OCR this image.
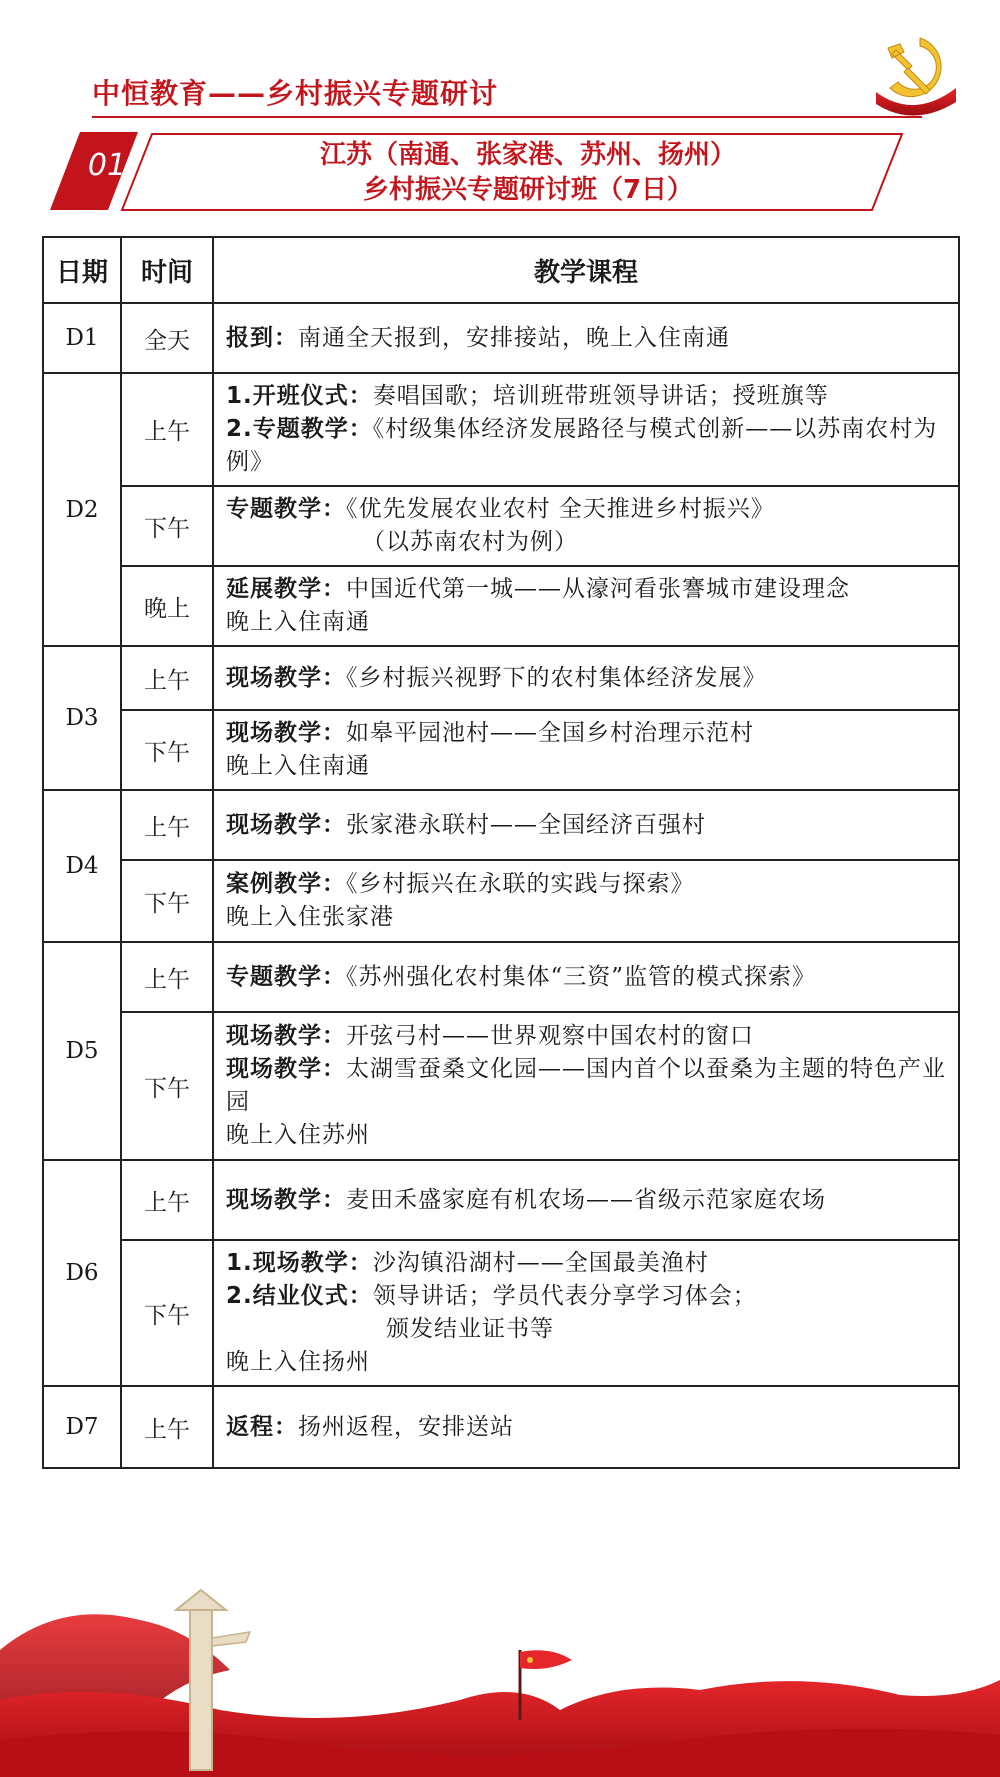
中恒教育——乡村振兴专题研讨
01	江苏（南通、张家港、苏州、扬州）
乡村振兴专题研讨班（7日）
日期	时间	教学课程
D1	全天	报到：南通全天报到，安排接站，晚上入住南通

D2	上午	1.开班仪式：奏唱国歌；培训班带班领导讲话；授班旗等
2.专题教学：《村级集体经济发展路径与模式创新——以苏南农村为例》

	下午	专题教学：《优先发展农业农村 全天推进乡村振兴》
（以苏南农村为例）

	晚上	延展教学：中国近代第一城——从濠河看张謇城市建设理念
晚上入住南通

D3	上午	现场教学：《乡村振兴视野下的农村集体经济发展》

	下午	现场教学：如皋平园池村——全国乡村治理示范村
晚上入住南通

D4	上午	现场教学：张家港永联村——全国经济百强村

	下午	案例教学：《乡村振兴在永联的实践与探索》
晚上入住张家港

D5	上午	专题教学：《苏州强化农村集体“三资”监管的模式探索》

	下午	现场教学：开弦弓村——世界观察中国农村的窗口
现场教学：太湖雪蚕桑文化园——国内首个以蚕桑为主题的特色产业园
晚上入住苏州

D6	上午	现场教学：麦田禾盛家庭有机农场——省级示范家庭农场

	下午	1.现场教学：沙沟镇沿湖村——全国最美渔村
2.结业仪式：领导讲话；学员代表分享学习体会；
颁发结业证书等
晚上入住扬州

D7	上午	返程：扬州返程，安排送站
